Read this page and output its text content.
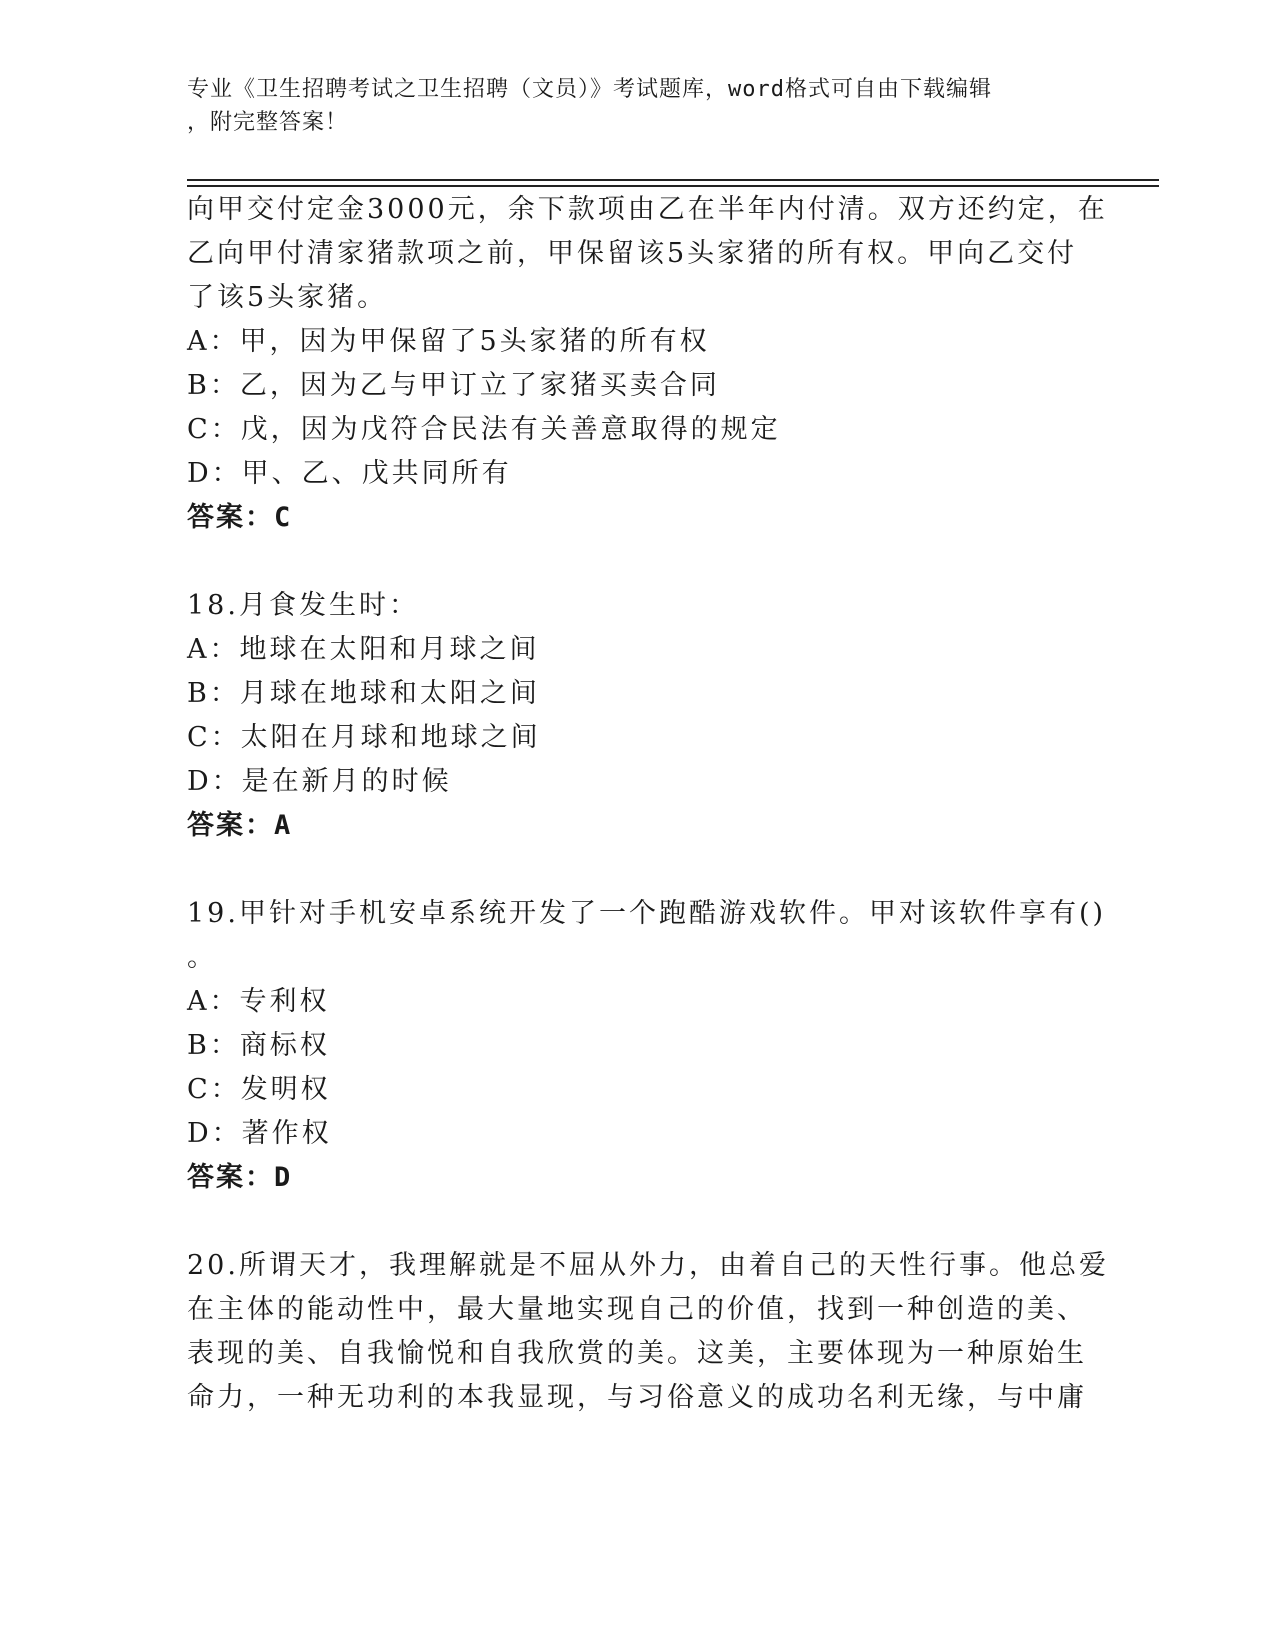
专业《卫生招聘考试之卫生招聘（文员）》考试题库，word格式可自由下载编辑
，附完整答案！
向甲交付定金3000元，余下款项由乙在半年内付清。双方还约定，在
乙向甲付清家猪款项之前，甲保留该5头家猪的所有权。甲向乙交付
了该5头家猪。
A：甲，因为甲保留了5头家猪的所有权
B：乙，因为乙与甲订立了家猪买卖合同
C：戊，因为戊符合民法有关善意取得的规定
D：甲、乙、戊共同所有
答案：C
18.月食发生时：
A：地球在太阳和月球之间
B：月球在地球和太阳之间
C：太阳在月球和地球之间
D：是在新月的时候
答案：A
19.甲针对手机安卓系统开发了一个跑酷游戏软件。甲对该软件享有()
。
A：专利权
B：商标权
C：发明权
D：著作权
答案：D
20.所谓天才，我理解就是不屈从外力，由着自己的天性行事。他总爱
在主体的能动性中，最大量地实现自己的价值，找到一种创造的美、
表现的美、自我愉悦和自我欣赏的美。这美，主要体现为一种原始生
命力，一种无功利的本我显现，与习俗意义的成功名利无缘，与中庸
